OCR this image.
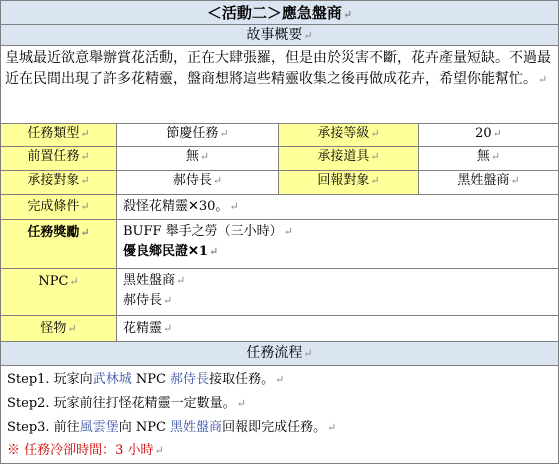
＜活動二＞應急盤商↵
故事概要↵
皇城最近欲意舉辦賞花活動，正在大肆張羅，但是由於災害不斷，花卉產量短缺。不過最近在民間出現了許多花精靈，盤商想將這些精靈收集之後再做成花卉，希望你能幫忙。↵
任務類型↵	節慶任務↵	承接等級↵	20↵
前置任務↵	無↵	承接道具↵	無↵
承接對象↵	郝侍長↵	回報對象↵	黑姓盤商↵
完成條件↵	殺怪花精靈✕30。↵
任務獎勵↵	BUFF 舉手之勞（三小時）↵
優良鄉民證✕1↵
NPC↵	黑姓盤商↵
郝侍長↵
怪物↵	花精靈↵
任務流程↵
Step1. 玩家向武林城 NPC 郝侍長接取任務。↵
Step2. 玩家前往打怪花精靈一定數量。↵
Step3. 前往風雲堡向 NPC 黑姓盤商回報即完成任務。↵
※ 任務冷卻時間：3 小時↵
